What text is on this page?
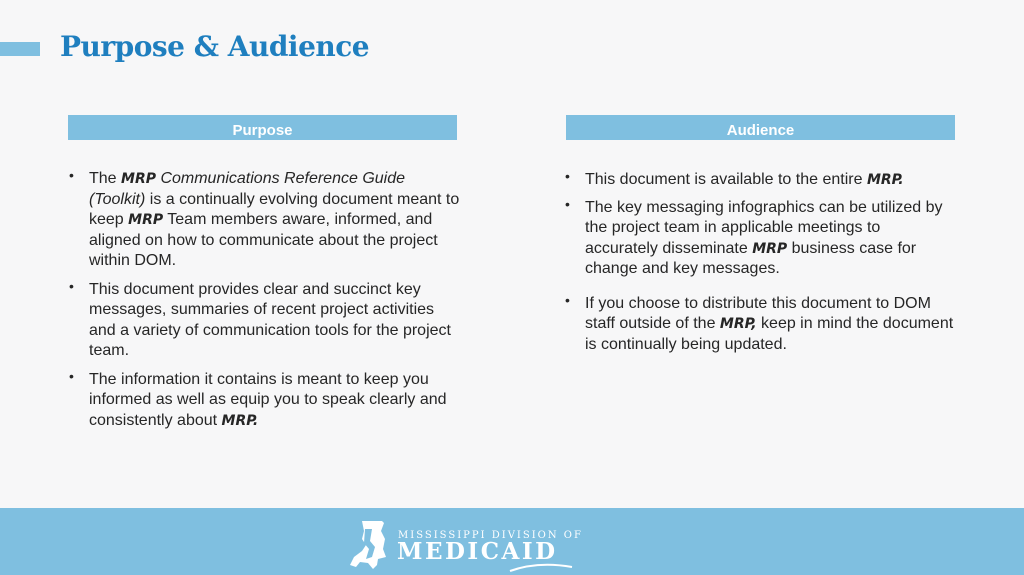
Purpose & Audience
Purpose	Audience
• The MRP Communications Reference Guide (Toolkit) is a continually evolving document meant to keep MRP Team members aware, informed, and aligned on how to communicate about the project within DOM.
• This document provides clear and succinct key messages, summaries of recent project activities and a variety of communication tools for the project team.
• The information it contains is meant to keep you informed as well as equip you to speak clearly and consistently about MRP.
• This document is available to the entire MRP.
• The key messaging infographics can be utilized by the project team in applicable meetings to accurately disseminate MRP business case for change and key messages.
• If you choose to distribute this document to DOM staff outside of the MRP, keep in mind the document is continually being updated.
MISSISSIPPI DIVISION OF
MEDICAID
